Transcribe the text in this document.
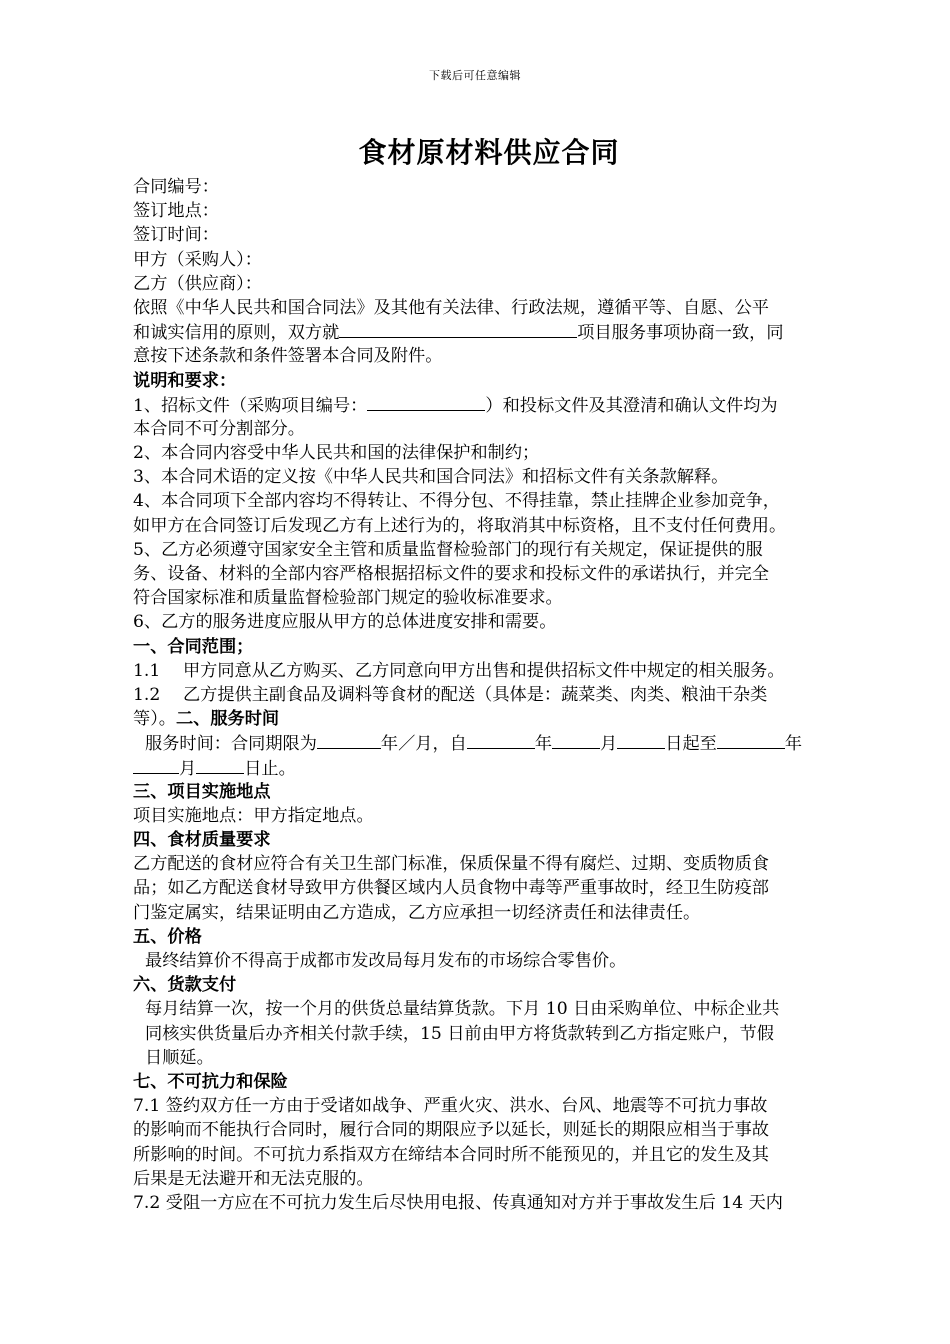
下载后可任意编辑
食材原材料供应合同
合同编号：
签订地点：
签订时间：
甲方（采购人）：
乙方（供应商）：
依照《中华人民共和国合同法》及其他有关法律、行政法规，遵循平等、自愿、公平
和诚实信用的原则，双方就	项目服务事项协商一致，同
意按下述条款和条件签署本合同及附件。
说明和要求：
1、招标文件（采购项目编号：	）和投标文件及其澄清和确认文件均为
本合同不可分割部分。
2、本合同内容受中华人民共和国的法律保护和制约；
3、本合同术语的定义按《中华人民共和国合同法》和招标文件有关条款解释。
4、本合同项下全部内容均不得转让、不得分包、不得挂靠，禁止挂牌企业参加竞争，
如甲方在合同签订后发现乙方有上述行为的，将取消其中标资格，且不支付任何费用。
5、乙方必须遵守国家安全主管和质量监督检验部门的现行有关规定，保证提供的服
务、设备、材料的全部内容严格根据招标文件的要求和投标文件的承诺执行，并完全
符合国家标准和质量监督检验部门规定的验收标准要求。
6、乙方的服务进度应服从甲方的总体进度安排和需要。
一、合同范围；
1.1　 甲方同意从乙方购买、乙方同意向甲方出售和提供招标文件中规定的相关服务。
1.2　 乙方提供主副食品及调料等食材的配送（具体是：蔬菜类、肉类、粮油干杂类
等）。二、服务时间
服务时间：合同期限为	年／月，自	年	月	日起至	年
月	日止。
三、项目实施地点
项目实施地点：甲方指定地点。
四、食材质量要求
乙方配送的食材应符合有关卫生部门标准，保质保量不得有腐烂、过期、变质物质食
品；如乙方配送食材导致甲方供餐区域内人员食物中毒等严重事故时，经卫生防疫部
门鉴定属实，结果证明由乙方造成，乙方应承担一切经济责任和法律责任。
五、价格
最终结算价不得高于成都市发改局每月发布的市场综合零售价。
六、货款支付
每月结算一次，按一个月的供货总量结算货款。下月 10 日由采购单位、中标企业共
同核实供货量后办齐相关付款手续，15 日前由甲方将货款转到乙方指定账户，节假
日顺延。
七、不可抗力和保险
7.1 签约双方任一方由于受诸如战争、严重火灾、洪水、台风、地震等不可抗力事故
的影响而不能执行合同时，履行合同的期限应予以延长，则延长的期限应相当于事故
所影响的时间。不可抗力系指双方在缔结本合同时所不能预见的，并且它的发生及其
后果是无法避开和无法克服的。
7.2 受阻一方应在不可抗力发生后尽快用电报、传真通知对方并于事故发生后 14 天内
